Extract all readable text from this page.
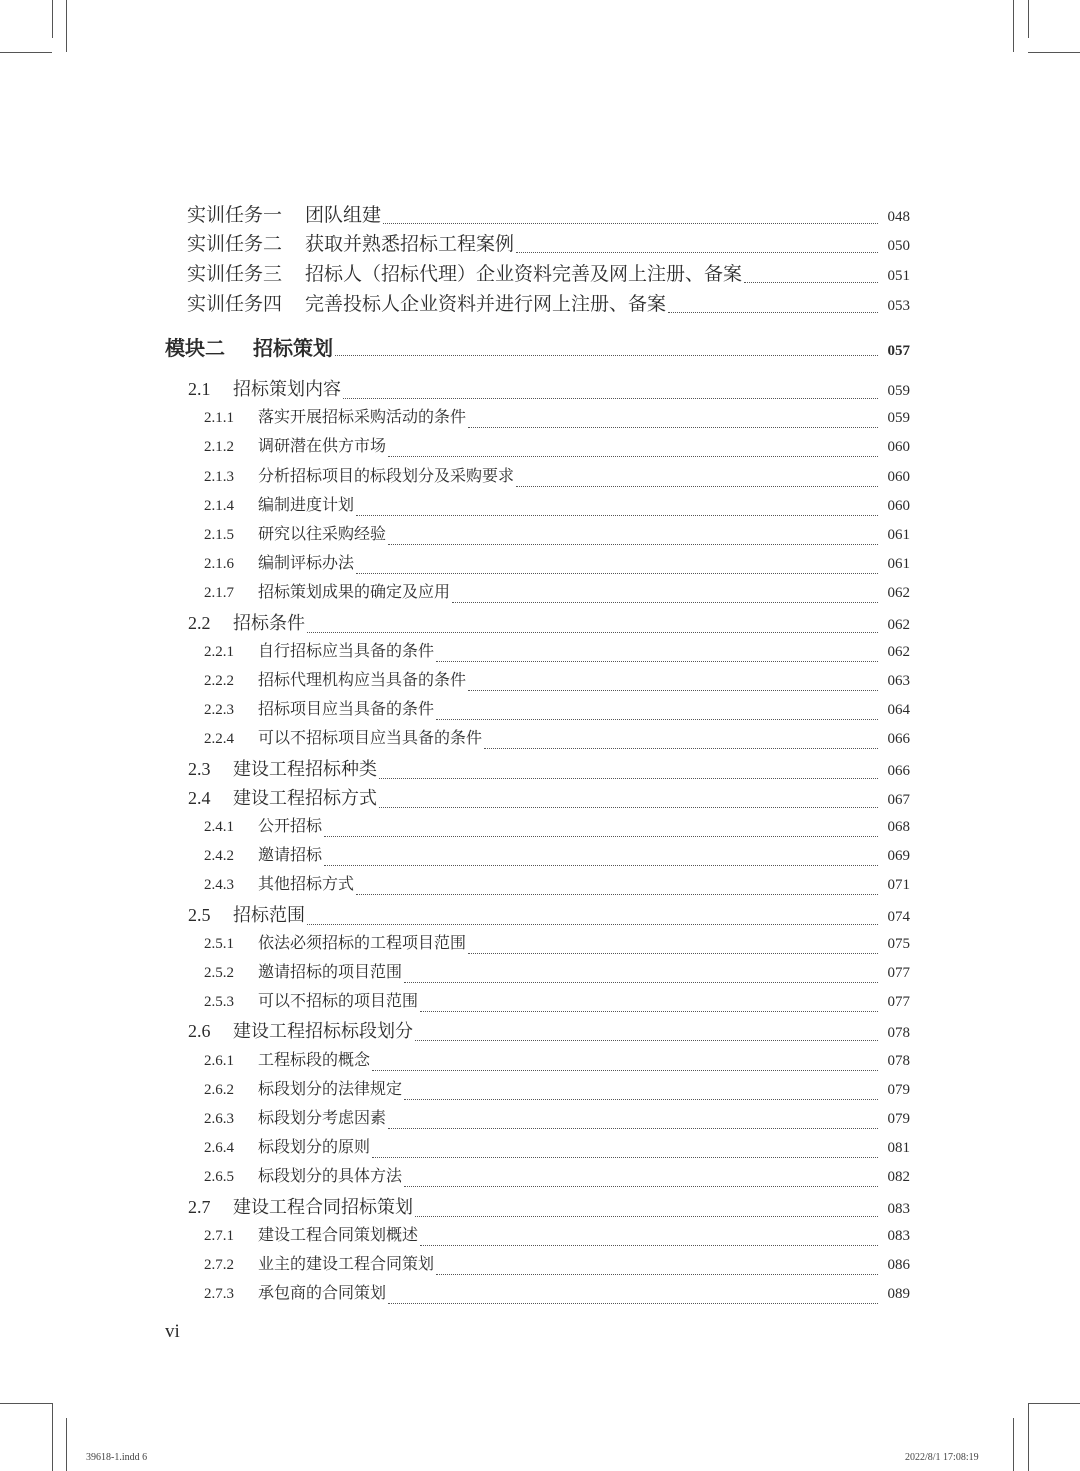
实训任务一	团队组建	048
实训任务二	获取并熟悉招标工程案例	050
实训任务三	招标人（招标代理）企业资料完善及网上注册、备案	051
实训任务四	完善投标人企业资料并进行网上注册、备案	053
模块二	招标策划	057
2.1	招标策划内容	059
2.1.1	落实开展招标采购活动的条件	059
2.1.2	调研潜在供方市场	060
2.1.3	分析招标项目的标段划分及采购要求	060
2.1.4	编制进度计划	060
2.1.5	研究以往采购经验	061
2.1.6	编制评标办法	061
2.1.7	招标策划成果的确定及应用	062
2.2	招标条件	062
2.2.1	自行招标应当具备的条件	062
2.2.2	招标代理机构应当具备的条件	063
2.2.3	招标项目应当具备的条件	064
2.2.4	可以不招标项目应当具备的条件	066
2.3	建设工程招标种类	066
2.4	建设工程招标方式	067
2.4.1	公开招标	068
2.4.2	邀请招标	069
2.4.3	其他招标方式	071
2.5	招标范围	074
2.5.1	依法必须招标的工程项目范围	075
2.5.2	邀请招标的项目范围	077
2.5.3	可以不招标的项目范围	077
2.6	建设工程招标标段划分	078
2.6.1	工程标段的概念	078
2.6.2	标段划分的法律规定	079
2.6.3	标段划分考虑因素	079
2.6.4	标段划分的原则	081
2.6.5	标段划分的具体方法	082
2.7	建设工程合同招标策划	083
2.7.1	建设工程合同策划概述	083
2.7.2	业主的建设工程合同策划	086
2.7.3	承包商的合同策划	089
vi
39618-1.indd 6	2022/8/1 17:08:19
